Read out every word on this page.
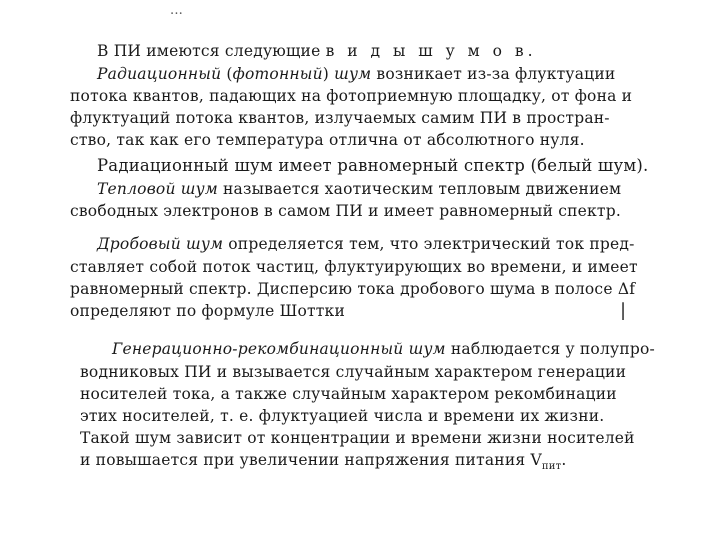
...
В ПИ имеются следующие в и д ы ш у м о в.
Радиационный (фотонный) шум возникает из-за флуктуации
потока квантов, падающих на фотоприемную площадку, от фона и
флуктуаций потока квантов, излучаемых самим ПИ в простран-
ство, так как его температура отлична от абсолютного нуля.
Радиационный шум имеет равномерный спектр (белый шум).
Тепловой шум называется хаотическим тепловым движением
свободных электронов в самом ПИ и имеет равномерный спектр.
Дробовый шум определяется тем, что электрический ток пред-
ставляет собой поток частиц, флуктуирующих во времени, и имеет
равномерный спектр. Дисперсию тока дробового шума в полосе Δf
определяют по формуле Шоттки	|
Генерационно-рекомбинационный шум наблюдается у полупро-
водниковых ПИ и вызывается случайным характером генерации
носителей тока, а также случайным характером рекомбинации
этих носителей, т. е. флуктуацией числа и времени их жизни.
Такой шум зависит от концентрации и времени жизни носителей
и повышается при увеличении напряжения питания $V_{пит}$.
